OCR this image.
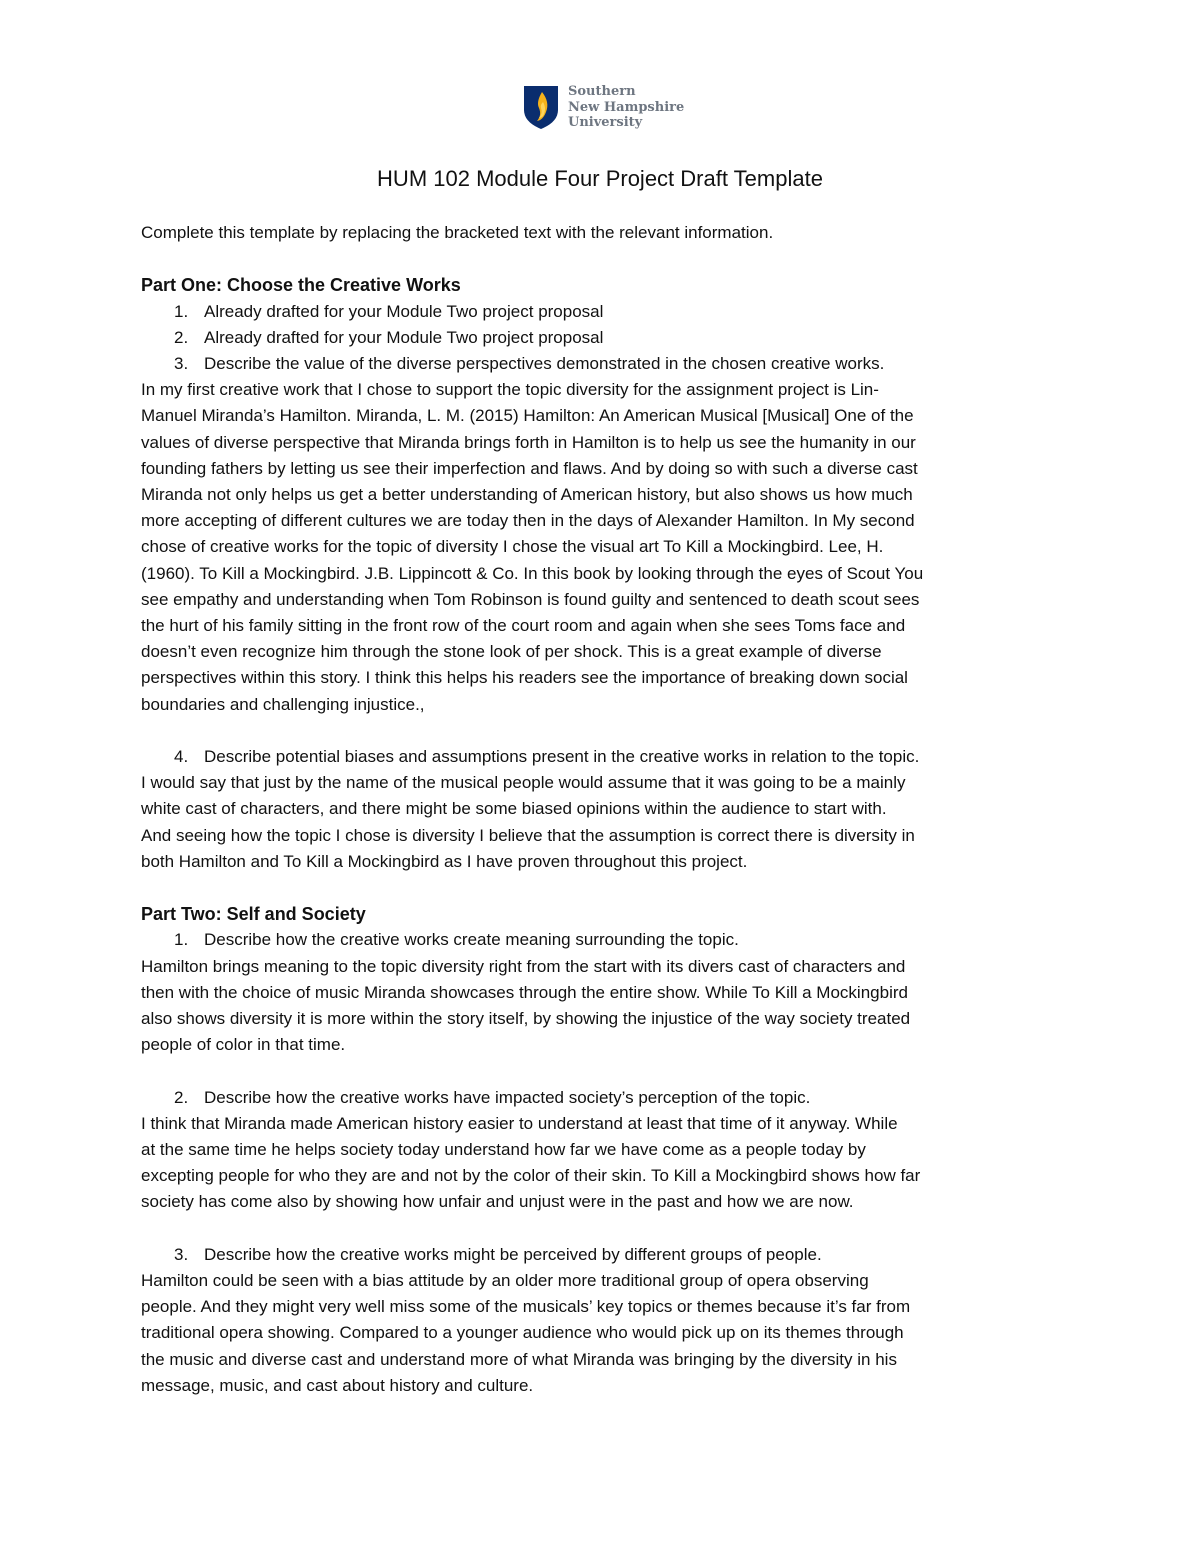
Southern
New Hampshire
University

HUM 102 Module Four Project Draft Template

Complete this template by replacing the bracketed text with the relevant information.

Part One: Choose the Creative Works

1. Already drafted for your Module Two project proposal
2. Already drafted for your Module Two project proposal
3. Describe the value of the diverse perspectives demonstrated in the chosen creative works.

In my first creative work that I chose to support the topic diversity for the assignment project is Lin-

Manuel Miranda’s Hamilton. Miranda, L. M. (2015) Hamilton: An American Musical [Musical] One of the

values of diverse perspective that Miranda brings forth in Hamilton is to help us see the humanity in our

founding fathers by letting us see their imperfection and flaws. And by doing so with such a diverse cast

Miranda not only helps us get a better understanding of American history, but also shows us how much

more accepting of different cultures we are today then in the days of Alexander Hamilton. In My second

chose of creative works for the topic of diversity I chose the visual art To Kill a Mockingbird. Lee, H.

(1960). To Kill a Mockingbird. J.B. Lippincott & Co. In this book by looking through the eyes of Scout You

see empathy and understanding when Tom Robinson is found guilty and sentenced to death scout sees

the hurt of his family sitting in the front row of the court room and again when she sees Toms face and

doesn’t even recognize him through the stone look of per shock. This is a great example of diverse

perspectives within this story. I think this helps his readers see the importance of breaking down social

boundaries and challenging injustice.,

4. Describe potential biases and assumptions present in the creative works in relation to the topic.

I would say that just by the name of the musical people would assume that it was going to be a mainly

white cast of characters, and there might be some biased opinions within the audience to start with.

And seeing how the topic I chose is diversity I believe that the assumption is correct there is diversity in

both Hamilton and To Kill a Mockingbird as I have proven throughout this project.

Part Two: Self and Society

1. Describe how the creative works create meaning surrounding the topic.

Hamilton brings meaning to the topic diversity right from the start with its divers cast of characters and

then with the choice of music Miranda showcases through the entire show. While To Kill a Mockingbird

also shows diversity it is more within the story itself, by showing the injustice of the way society treated

people of color in that time.

2. Describe how the creative works have impacted society’s perception of the topic.

I think that Miranda made American history easier to understand at least that time of it anyway. While

at the same time he helps society today understand how far we have come as a people today by

excepting people for who they are and not by the color of their skin. To Kill a Mockingbird shows how far

society has come also by showing how unfair and unjust were in the past and how we are now.

3. Describe how the creative works might be perceived by different groups of people.

Hamilton could be seen with a bias attitude by an older more traditional group of opera observing

people. And they might very well miss some of the musicals’ key topics or themes because it’s far from

traditional opera showing. Compared to a younger audience who would pick up on its themes through

the music and diverse cast and understand more of what Miranda was bringing by the diversity in his

message, music, and cast about history and culture.
